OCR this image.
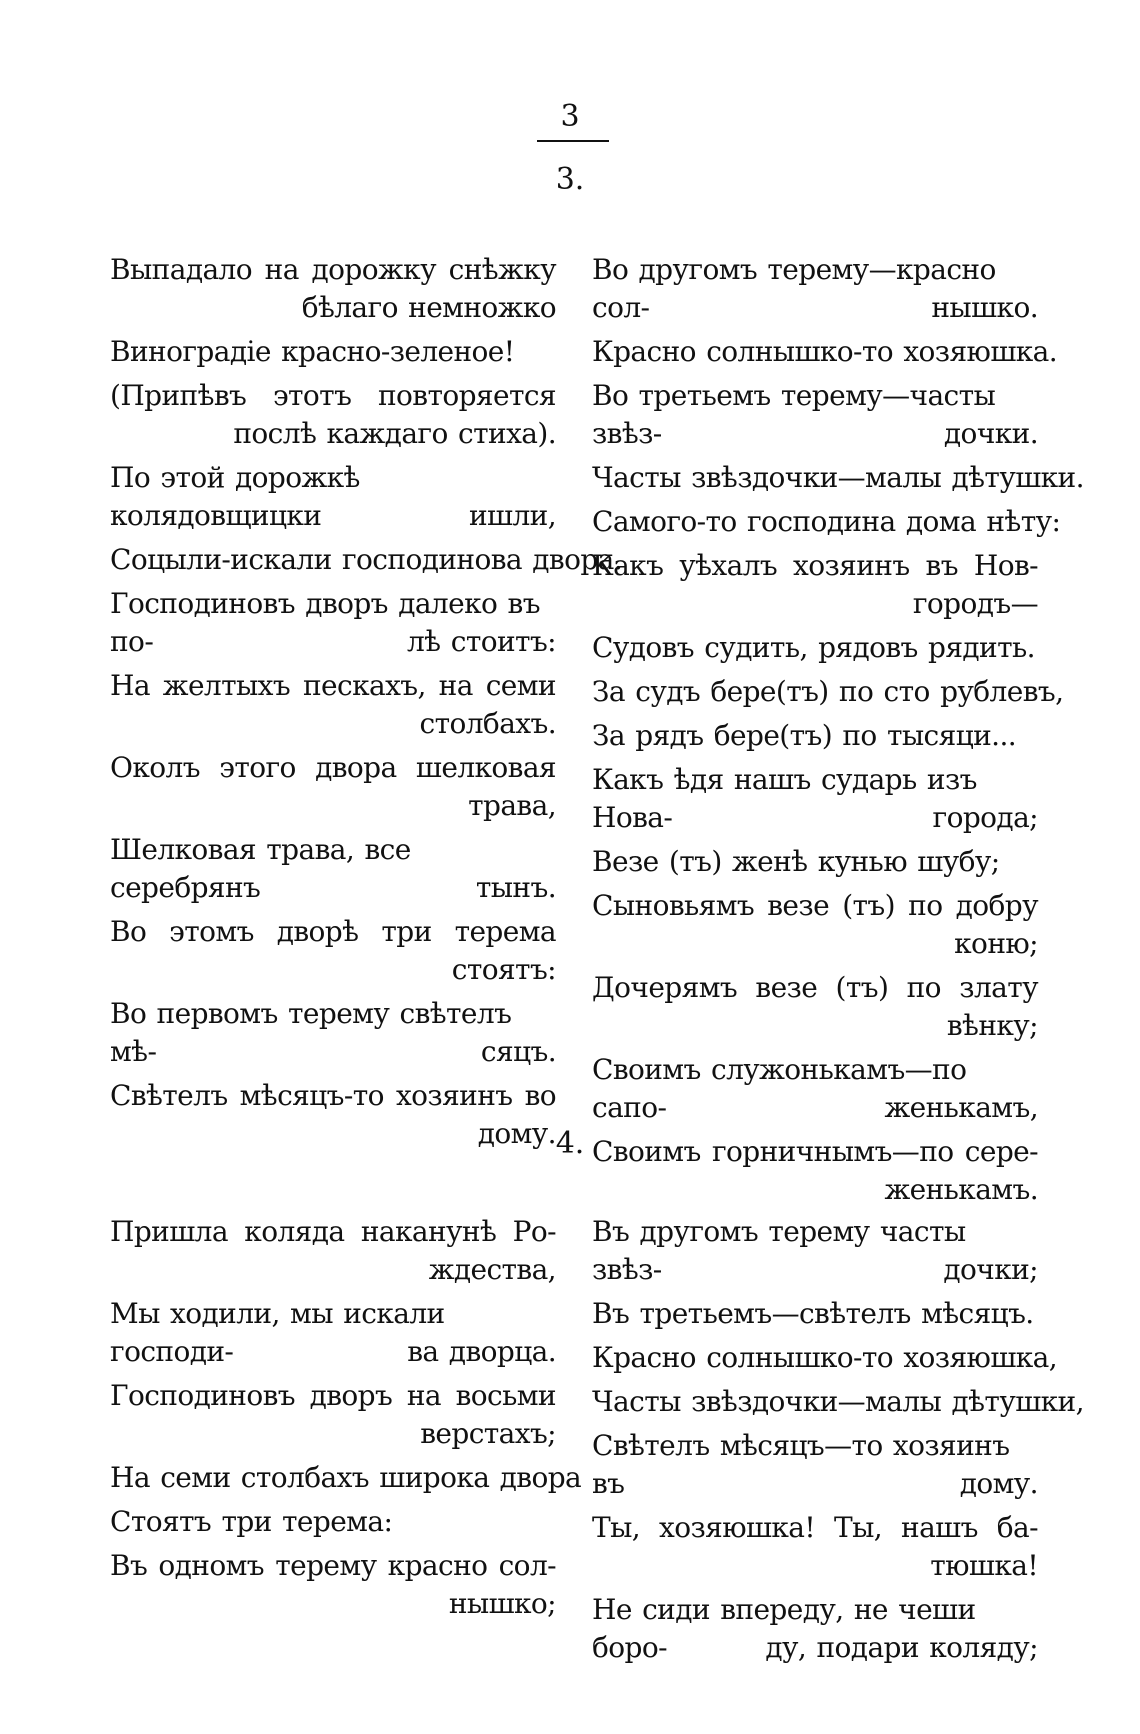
3
3.
Выпадало на дорожку снѣжку
бѣлаго немножко
Виноградіе красно-зеленое!
(Припѣвъ этотъ повторяется
послѣ каждаго стиха).
По этой дорожкѣ колядовщицки	ишли,
Соцыли-искали господинова двора.
Господиновъ дворъ далеко въ по-	лѣ стоитъ:
На желтыхъ пескахъ, на семи
столбахъ.
Околъ этого двора шелковая
трава,
Шелковая трава, все серебрянъ	тынъ.
Во этомъ дворѣ три терема
стоятъ:
Во первомъ терему свѣтелъ мѣ-	сяцъ.
Свѣтелъ мѣсяцъ-то хозяинъ во
дому.
Во другомъ терему—красно сол-	нышко.
Красно солнышко-то хозяюшка.
Во третьемъ терему—часты звѣз-	дочки.
Часты звѣздочки—малы дѣтушки.
Самого-то господина дома нѣту:
Какъ уѣхалъ хозяинъ въ Нов-
городъ—
Судовъ судить, рядовъ рядить.
За судъ бере(тъ) по сто рублевъ,
За рядъ бере(тъ) по тысяци...
Какъ ѣдя нашъ сударь изъ Нова-	города;
Везе (тъ) женѣ кунью шубу;
Сыновьямъ везе (тъ) по добру
коню;
Дочерямъ везе (тъ) по злату
вѣнку;
Своимъ служонькамъ—по сапо-	женькамъ,
Своимъ горничнымъ—по сере-
женькамъ.
4.
Пришла коляда наканунѣ Ро-
ждества,
Мы ходили, мы искали господи-	ва дворца.
Господиновъ дворъ на восьми
верстахъ;
На семи столбахъ широка двора
Стоятъ три терема:
Въ одномъ терему красно сол-
нышко;
Въ другомъ терему часты звѣз-	дочки;
Въ третьемъ—свѣтелъ мѣсяцъ.
Красно солнышко-то хозяюшка,
Часты звѣздочки—малы дѣтушки,
Свѣтелъ мѣсяцъ—то хозяинъ въ	дому.
Ты, хозяюшка! Ты, нашъ ба-
тюшка!
Не сиди впереду, не чеши боро-	ду, подари коляду;
